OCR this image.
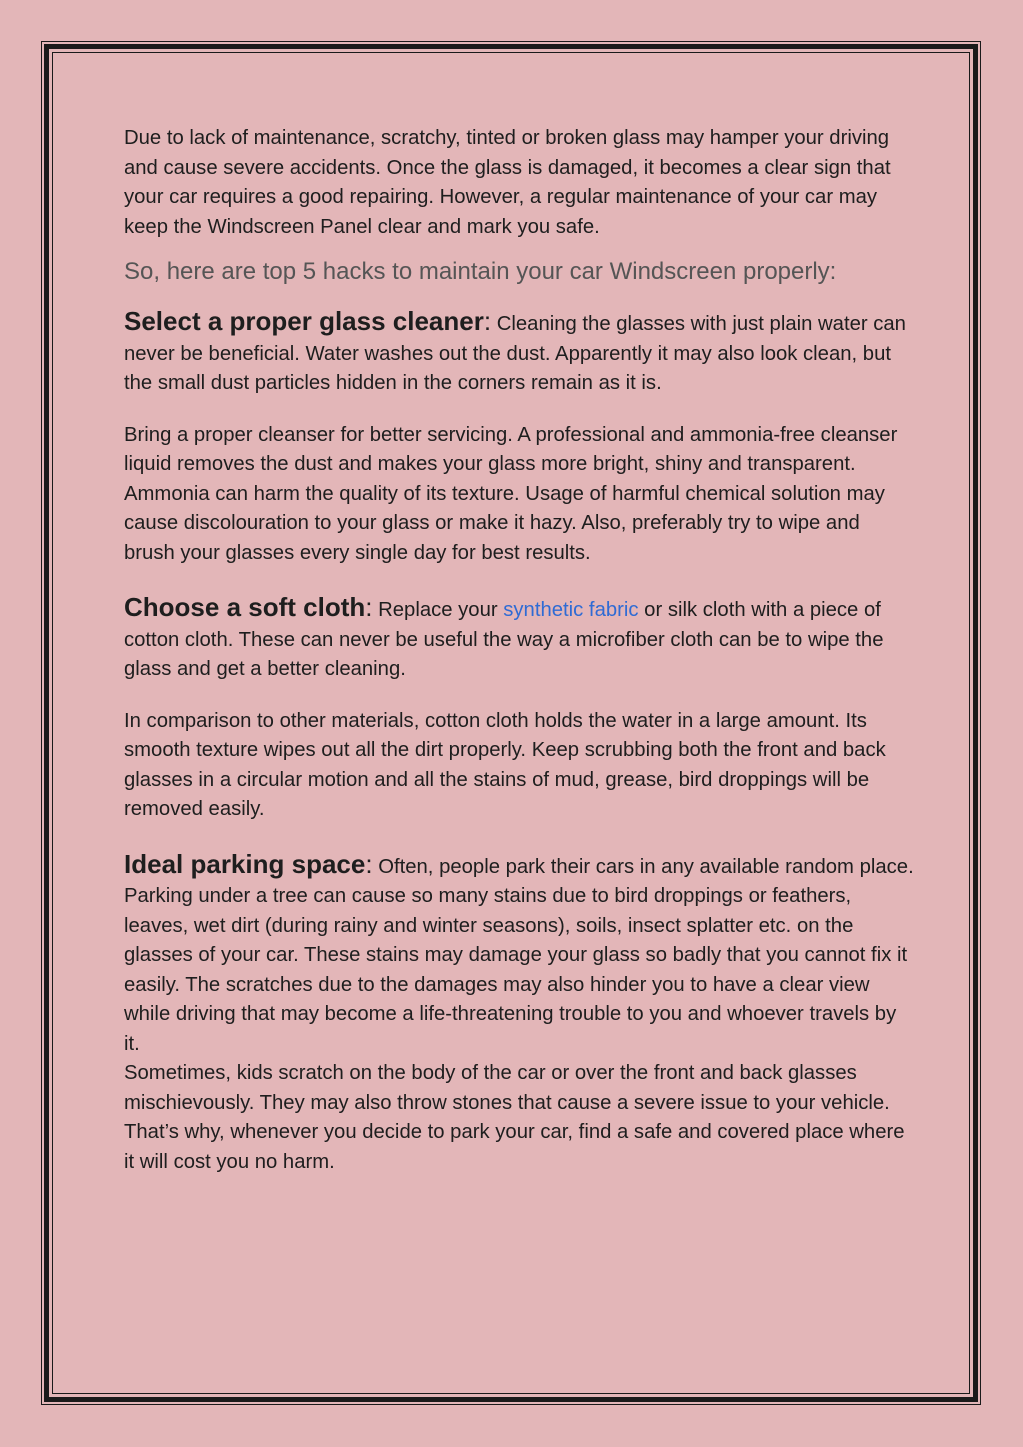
Due to lack of maintenance, scratchy, tinted or broken glass may hamper your driving and cause severe accidents. Once the glass is damaged, it becomes a clear sign that your car requires a good repairing. However, a regular maintenance of your car may keep the Windscreen Panel clear and mark you safe.

So, here are top 5 hacks to maintain your car Windscreen properly:

Select a proper glass cleaner: Cleaning the glasses with just plain water can never be beneficial. Water washes out the dust. Apparently it may also look clean, but the small dust particles hidden in the corners remain as it is.

Bring a proper cleanser for better servicing. A professional and ammonia-free cleanser liquid removes the dust and makes your glass more bright, shiny and transparent. Ammonia can harm the quality of its texture. Usage of harmful chemical solution may cause discolouration to your glass or make it hazy. Also, preferably try to wipe and brush your glasses every single day for best results.

Choose a soft cloth: Replace your synthetic fabric or silk cloth with a piece of cotton cloth. These can never be useful the way a microfiber cloth can be to wipe the glass and get a better cleaning.

In comparison to other materials, cotton cloth holds the water in a large amount. Its smooth texture wipes out all the dirt properly. Keep scrubbing both the front and back glasses in a circular motion and all the stains of mud, grease, bird droppings will be removed easily.

Ideal parking space: Often, people park their cars in any available random place. Parking under a tree can cause so many stains due to bird droppings or feathers, leaves, wet dirt (during rainy and winter seasons), soils, insect splatter etc. on the glasses of your car. These stains may damage your glass so badly that you cannot fix it easily. The scratches due to the damages may also hinder you to have a clear view while driving that may become a life-threatening trouble to you and whoever travels by it.

Sometimes, kids scratch on the body of the car or over the front and back glasses mischievously. They may also throw stones that cause a severe issue to your vehicle. That’s why, whenever you decide to park your car, find a safe and covered place where it will cost you no harm.
